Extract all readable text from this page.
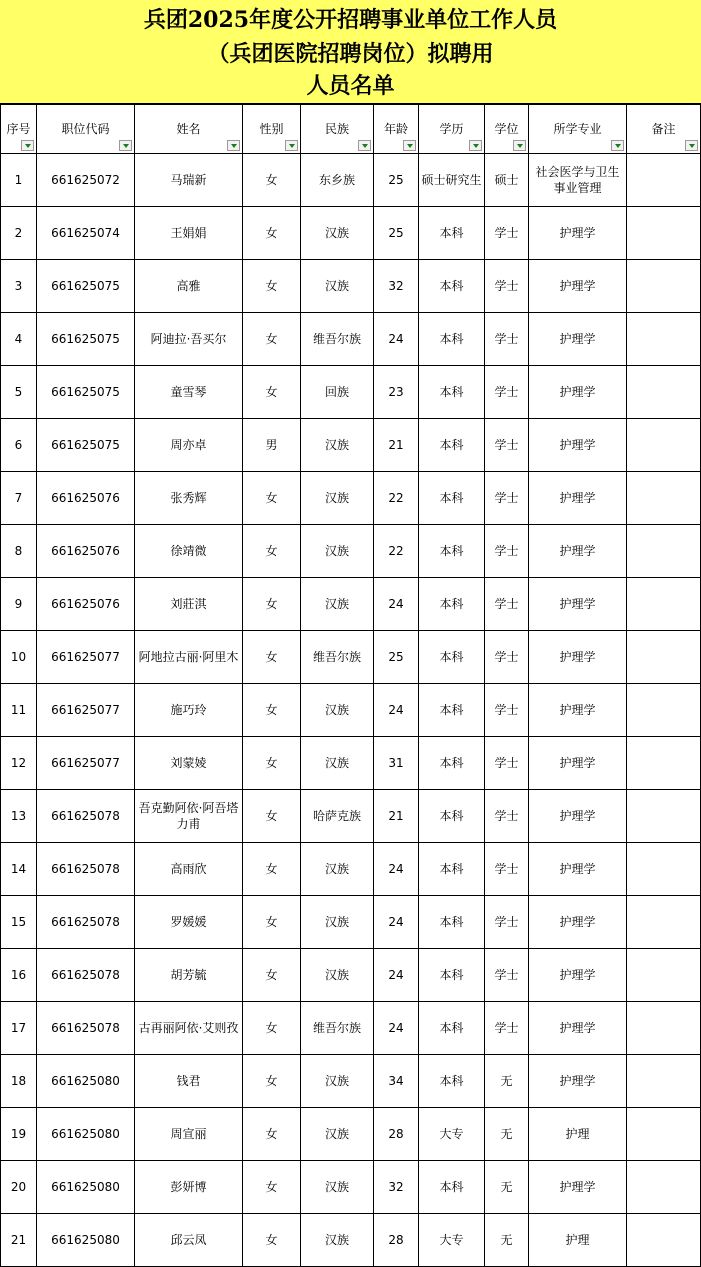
兵团2025年度公开招聘事业单位工作人员
（兵团医院招聘岗位）拟聘用
人员名单
序号	职位代码	姓名	性别	民族	年龄	学历	学位	所学专业	备注

1	661625072	马瑞新	女	东乡族	25	硕士研究生	硕士	社会医学与卫生事业管理	
2	661625074	王娟娟	女	汉族	25	本科	学士	护理学	
3	661625075	高雅	女	汉族	32	本科	学士	护理学	
4	661625075	阿迪拉·吾买尔	女	维吾尔族	24	本科	学士	护理学	
5	661625075	童雪琴	女	回族	23	本科	学士	护理学	
6	661625075	周亦卓	男	汉族	21	本科	学士	护理学	
7	661625076	张秀辉	女	汉族	22	本科	学士	护理学	
8	661625076	徐靖微	女	汉族	22	本科	学士	护理学	
9	661625076	刘莊淇	女	汉族	24	本科	学士	护理学	
10	661625077	阿地拉古丽·阿里木	女	维吾尔族	25	本科	学士	护理学	
11	661625077	施巧玲	女	汉族	24	本科	学士	护理学	
12	661625077	刘蒙婈	女	汉族	31	本科	学士	护理学	
13	661625078	吾克勤阿依·阿吾塔力甫	女	哈萨克族	21	本科	学士	护理学	
14	661625078	高雨欣	女	汉族	24	本科	学士	护理学	
15	661625078	罗媛媛	女	汉族	24	本科	学士	护理学	
16	661625078	胡芳毓	女	汉族	24	本科	学士	护理学	
17	661625078	古再丽阿依·艾则孜	女	维吾尔族	24	本科	学士	护理学	
18	661625080	钱君	女	汉族	34	本科	无	护理学	
19	661625080	周宣丽	女	汉族	28	大专	无	护理	
20	661625080	彭妍博	女	汉族	32	本科	无	护理学	
21	661625080	邱云凤	女	汉族	28	大专	无	护理	
